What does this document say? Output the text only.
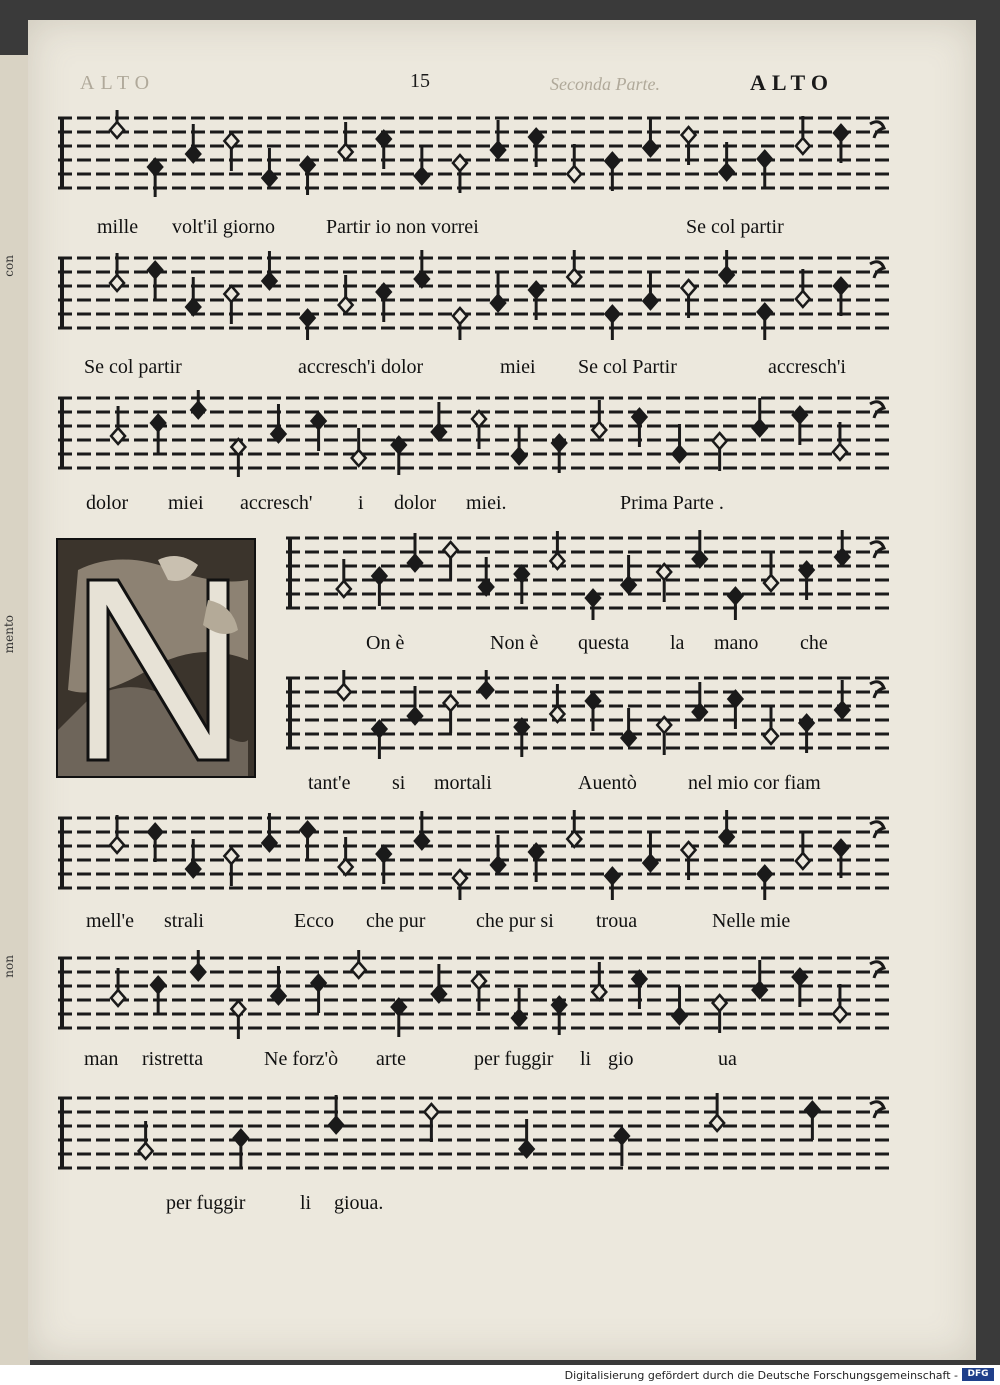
con
mento
non
ALTO	15	Seconda Parte.	ALTO
mille volt'il giorno	Partir io non vorrei	Se col partir
Se col partir	accresch'i dolor	miei Se col Partir	accresch'i
dolor miei accresch' i dolor miei.	Prima Parte .
On è	Non è questa la mano che
tant'e si mortali	Auentò	nel mio cor fiam
mell'e strali	Ecco che pur	che pur si troua	Nelle mie
man ristretta	Ne forz'ò arte	per fuggir li gio	ua
per fuggir	li gioua.
Digitalisierung gefördert durch die Deutsche Forschungsgemeinschaft -	DFG
